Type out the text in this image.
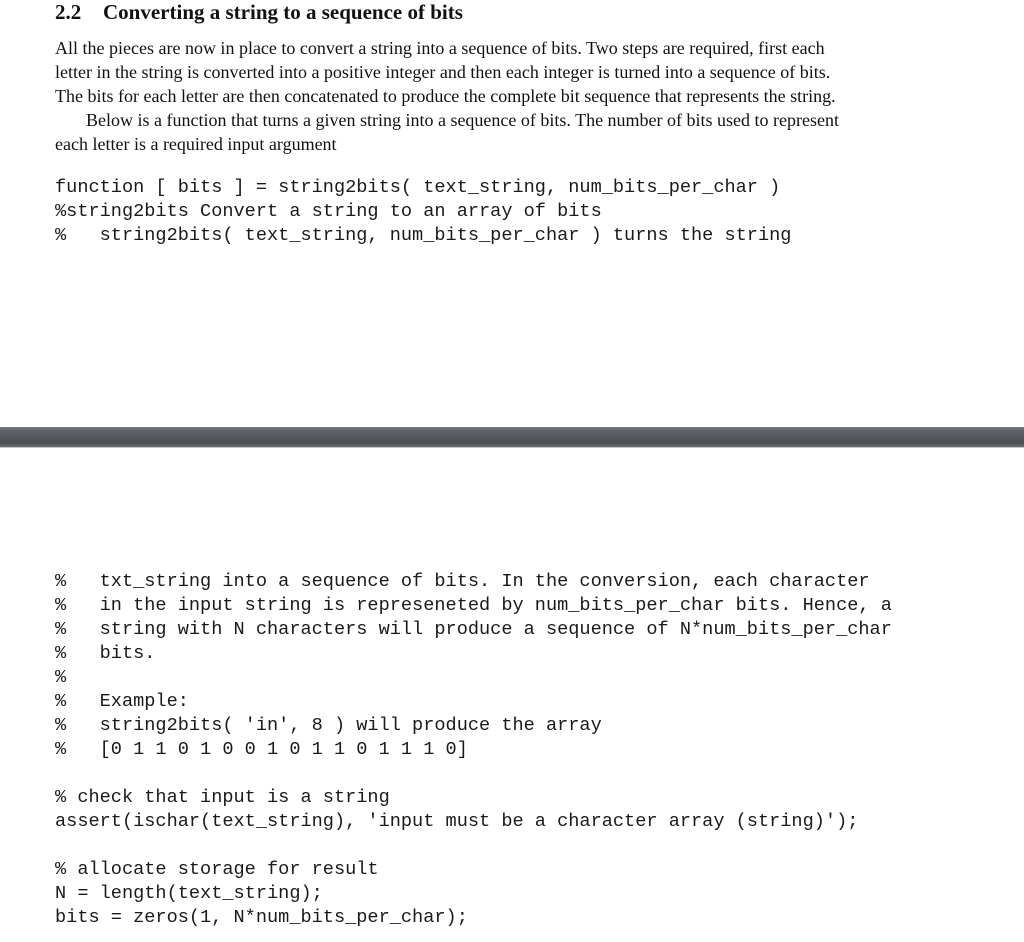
2.2 Converting a string to a sequence of bits
All the pieces are now in place to convert a string into a sequence of bits. Two steps are required, first each
letter in the string is converted into a positive integer and then each integer is turned into a sequence of bits.
The bits for each letter are then concatenated to produce the complete bit sequence that represents the string.
Below is a function that turns a given string into a sequence of bits. The number of bits used to represent
each letter is a required input argument
function [ bits ] = string2bits( text_string, num_bits_per_char )
%string2bits Convert a string to an array of bits
%   string2bits( text_string, num_bits_per_char ) turns the string
%   txt_string into a sequence of bits. In the conversion, each character
%   in the input string is represeneted by num_bits_per_char bits. Hence, a
%   string with N characters will produce a sequence of N*num_bits_per_char
%   bits.
%
%   Example:
%   string2bits( 'in', 8 ) will produce the array
%   [0 1 1 0 1 0 0 1 0 1 1 0 1 1 1 0]
% check that input is a string
assert(ischar(text_string), 'input must be a character array (string)');
% allocate storage for result
N = length(text_string);
bits = zeros(1, N*num_bits_per_char);
